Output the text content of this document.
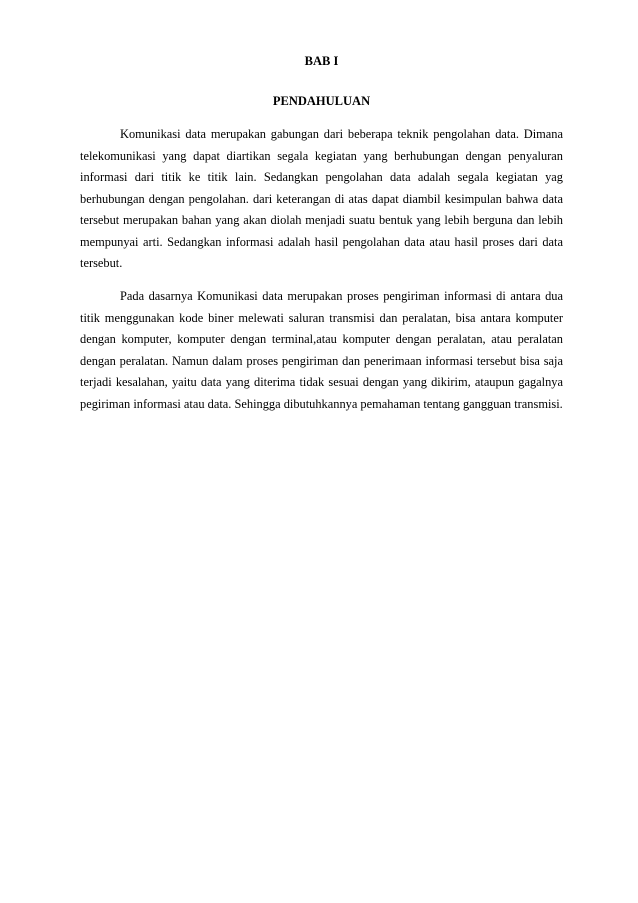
BAB I
PENDAHULUAN

Komunikasi data merupakan gabungan dari beberapa teknik pengolahan data. Dimana telekomunikasi yang dapat diartikan segala kegiatan yang berhubungan dengan penyaluran informasi dari titik ke titik lain. Sedangkan pengolahan data adalah segala kegiatan yag berhubungan dengan pengolahan. dari keterangan di atas dapat diambil kesimpulan bahwa data tersebut merupakan bahan yang akan diolah menjadi suatu bentuk yang lebih berguna dan lebih mempunyai arti. Sedangkan informasi adalah hasil pengolahan data atau hasil proses dari data tersebut.

Pada dasarnya Komunikasi data merupakan proses pengiriman informasi di antara dua titik menggunakan kode biner melewati saluran transmisi dan peralatan, bisa antara komputer dengan komputer, komputer dengan terminal,atau komputer dengan peralatan, atau peralatan dengan peralatan. Namun dalam proses pengiriman dan penerimaan informasi tersebut bisa saja terjadi kesalahan, yaitu data yang diterima tidak sesuai dengan yang dikirim, ataupun gagalnya pegiriman informasi atau data. Sehingga dibutuhkannya pemahaman tentang gangguan transmisi.
